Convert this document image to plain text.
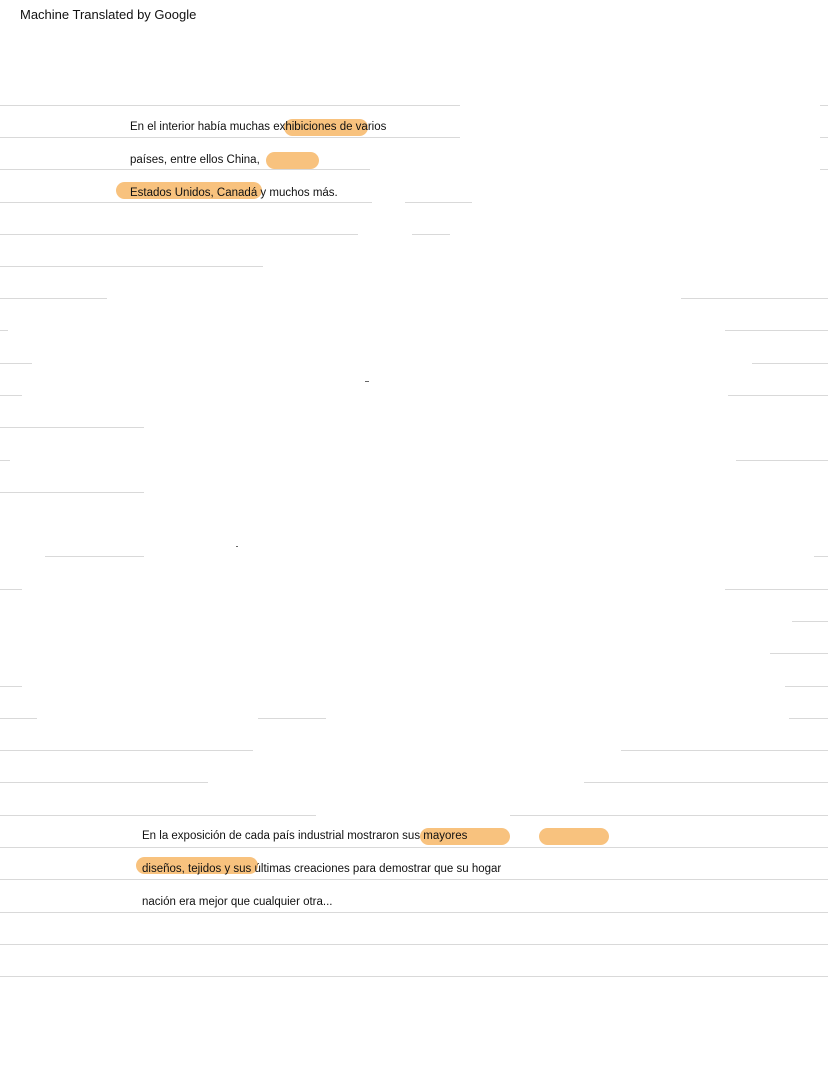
Machine Translated by Google
En el interior había muchas exhibiciones de varios
países, entre ellos China,
Estados Unidos, Canadá y muchos más.
En la exposición de cada país industrial mostraron sus mayores
diseños, tejidos y sus últimas creaciones para demostrar que su hogar
nación era mejor que cualquier otra...
